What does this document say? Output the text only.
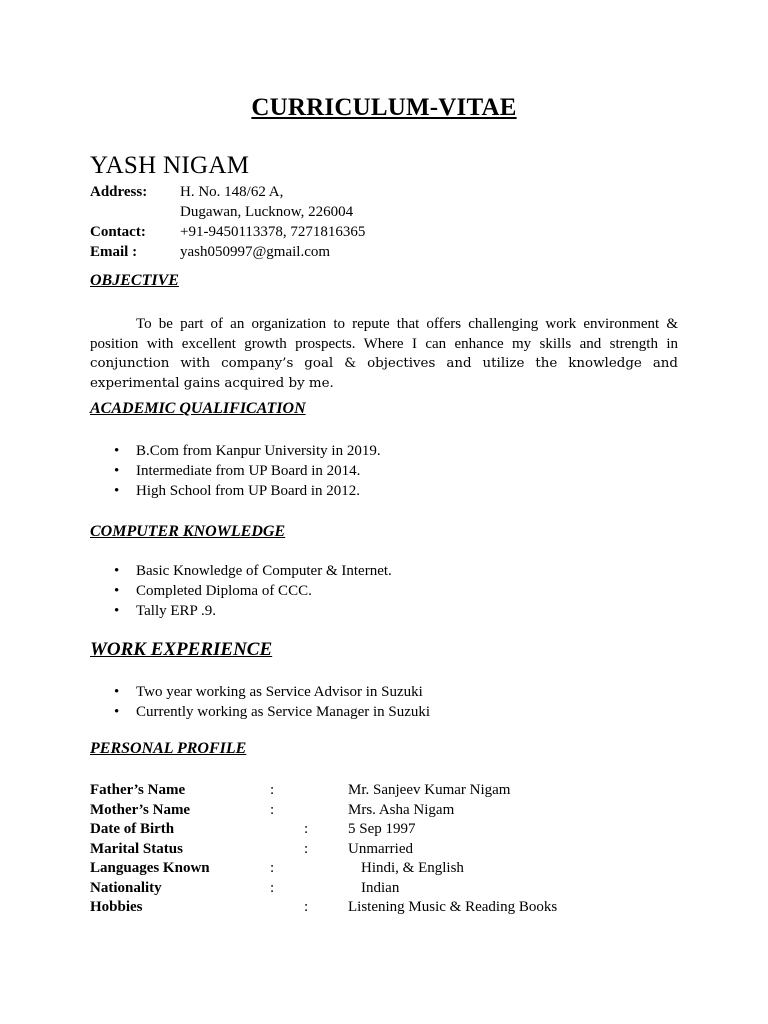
CURRICULUM-VITAE
YASH NIGAM
Address:	H. No. 148/62 A,
Dugawan, Lucknow, 226004
Contact:	+91-9450113378, 7271816365
Email :	yash050997@gmail.com
OBJECTIVE
To be part of an organization to repute that offers challenging work environment & position with excellent growth prospects. Where I can enhance my skills and strength in conjunction with company’s goal & objectives and utilize the knowledge and experimental gains acquired by me.
ACADEMIC QUALIFICATION
• B.Com from Kanpur University in 2019.
• Intermediate from UP Board in 2014.
• High School from UP Board in 2012.
COMPUTER KNOWLEDGE
• Basic Knowledge of Computer & Internet.
• Completed Diploma of CCC.
• Tally ERP .9.
WORK EXPERIENCE
• Two year working as Service Advisor in Suzuki
• Currently working as Service Manager in Suzuki
PERSONAL PROFILE
Father’s Name	:	Mr. Sanjeev Kumar Nigam
Mother’s Name	:	Mrs. Asha Nigam
Date of Birth	:	5 Sep 1997
Marital Status	:	Unmarried
Languages Known	:	Hindi, & English
Nationality	:	Indian
Hobbies	:	Listening Music & Reading Books
